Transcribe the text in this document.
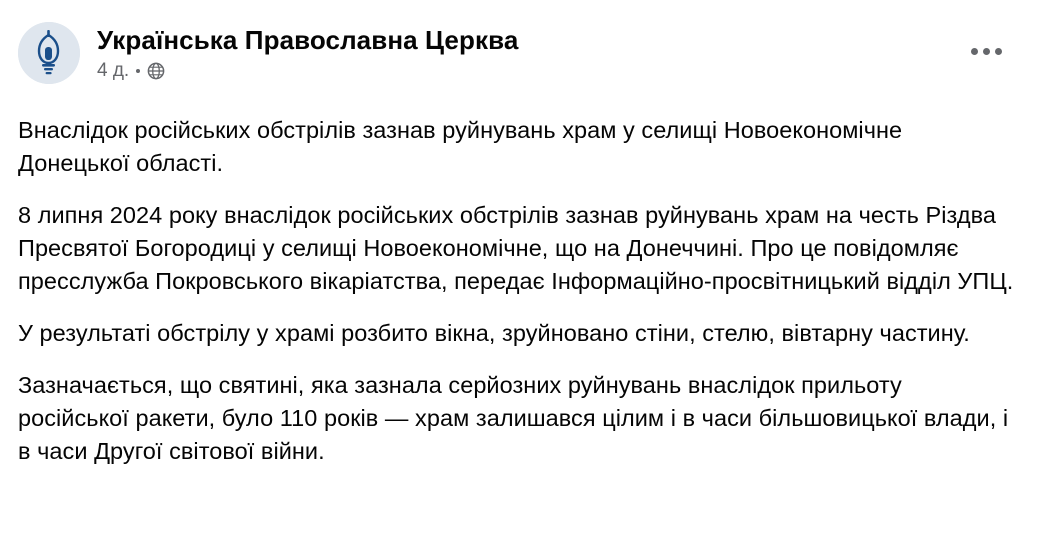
Українська Православна Церква
4 д.

Внаслідок російських обстрілів зазнав руйнувань храм у селищі Новоекономічне Донецької області.

8 липня 2024 року внаслідок російських обстрілів зазнав руйнувань храм на честь Різдва Пресвятої Богородиці у селищі Новоекономічне, що на Донеччині. Про це повідомляє пресслужба Покровського вікаріатства, передає Інформаційно-просвітницький відділ УПЦ.

У результаті обстрілу у храмі розбито вікна, зруйновано стіни, стелю, вівтарну частину.

Зазначається, що святині, яка зазнала серйозних руйнувань внаслідок прильоту російської ракети, було 110 років — храм залишався цілим і в часи більшовицької влади, і в часи Другої світової війни.
